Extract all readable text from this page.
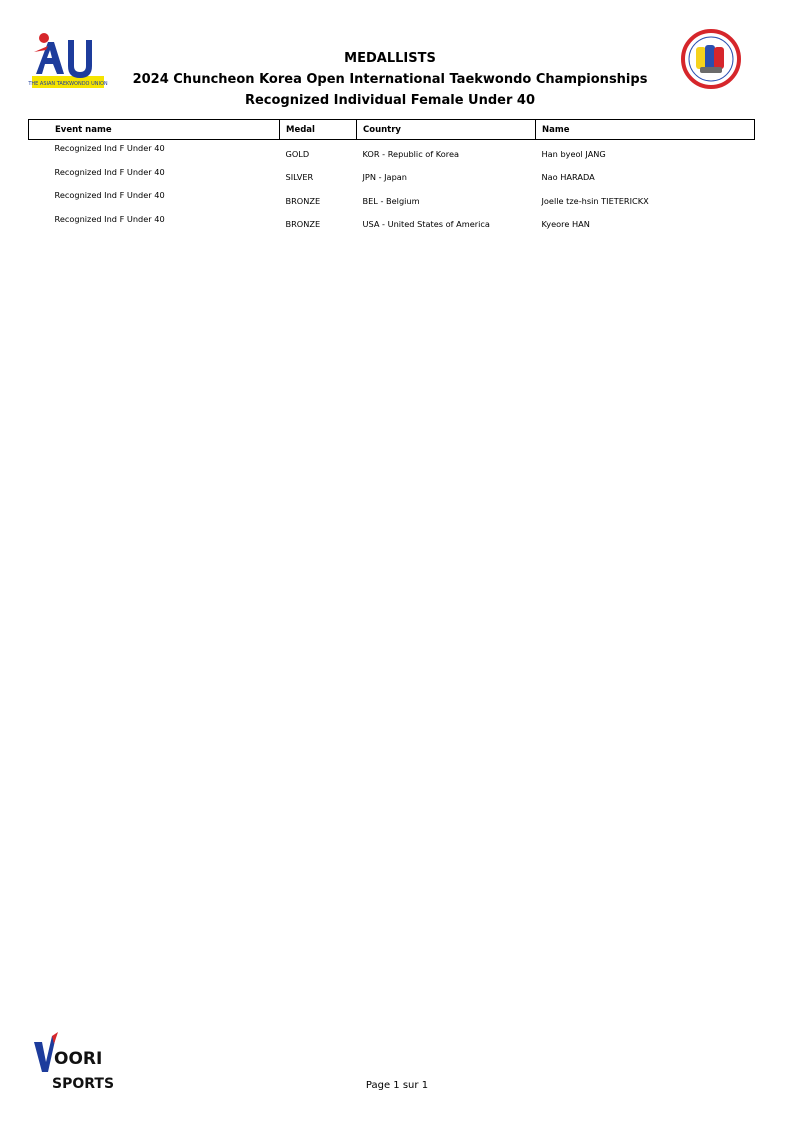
THE ASIAN TAEKWONDO UNION
MEDALLISTS
2024 Chuncheon Korea Open International Taekwondo Championships
Recognized Individual Female Under 40
Event name	Medal	Country	Name
Recognized Ind F Under 40	GOLD	KOR - Republic of Korea	Han byeol JANG
Recognized Ind F Under 40	SILVER	JPN - Japan	Nao HARADA
Recognized Ind F Under 40	BRONZE	BEL - Belgium	Joelle tze-hsin TIETERICKX
Recognized Ind F Under 40	BRONZE	USA - United States of America	Kyeore HAN
OORI
SPORTS	Page 1 sur 1
